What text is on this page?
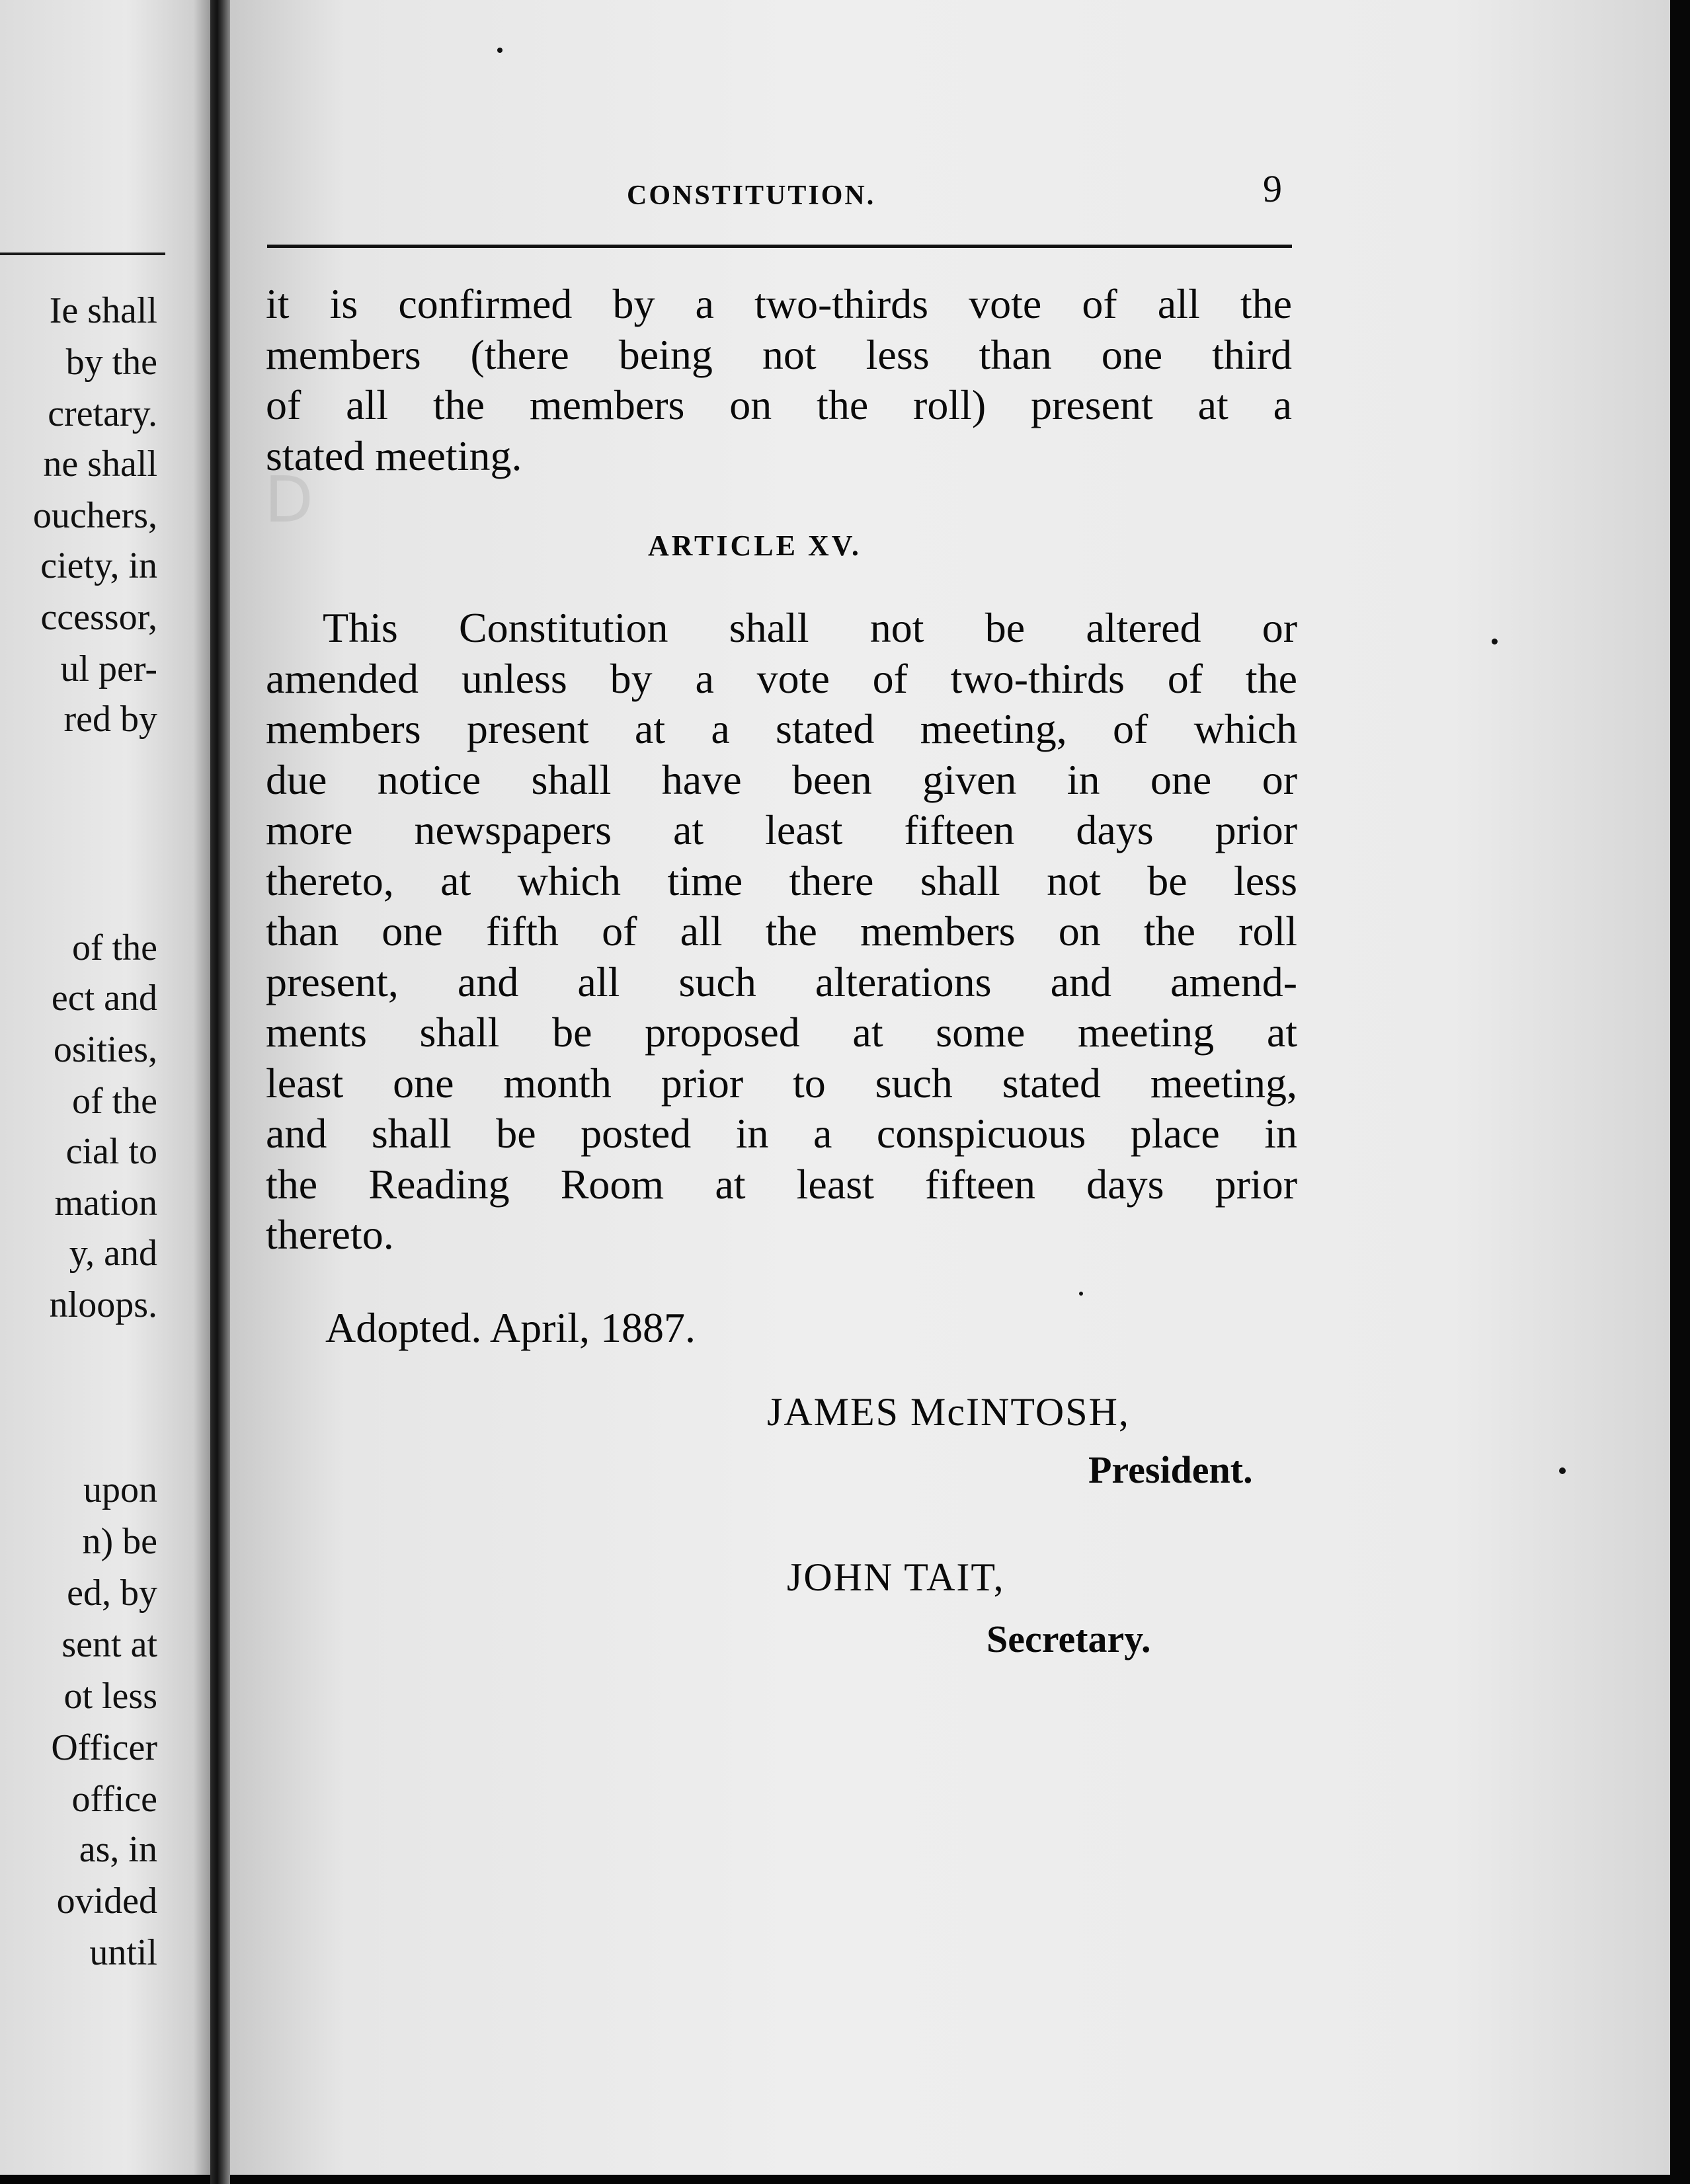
Ie shall
by the
cretary.
ne shall
ouchers,
ciety, in
ccessor,
ul per-
red by
of the
ect and
osities,
of the
cial to
mation
y, and
nloops.
upon
n) be
ed, by
sent at
ot less
Officer
office
as, in
ovided
until
ꓷ
CONSTITUTION.	9
it is confirmed by a two-thirds vote of all the
members (there being not less than one third
of all the members on the roll) present at a
stated meeting.
ARTICLE XV.
This Constitution shall not be altered or
amended unless by a vote of two-thirds of the
members present at a stated meeting, of which
due notice shall have been given in one or
more newspapers at least fifteen days prior
thereto, at which time there shall not be less
than one fifth of all the members on the roll
present, and all such alterations and amend-
ments shall be proposed at some meeting at
least one month prior to such stated meeting,
and shall be posted in a conspicuous place in
the Reading Room at least fifteen days prior
thereto.
Adopted. April, 1887.
JAMES McINTOSH,
President.
JOHN TAIT,
Secretary.
